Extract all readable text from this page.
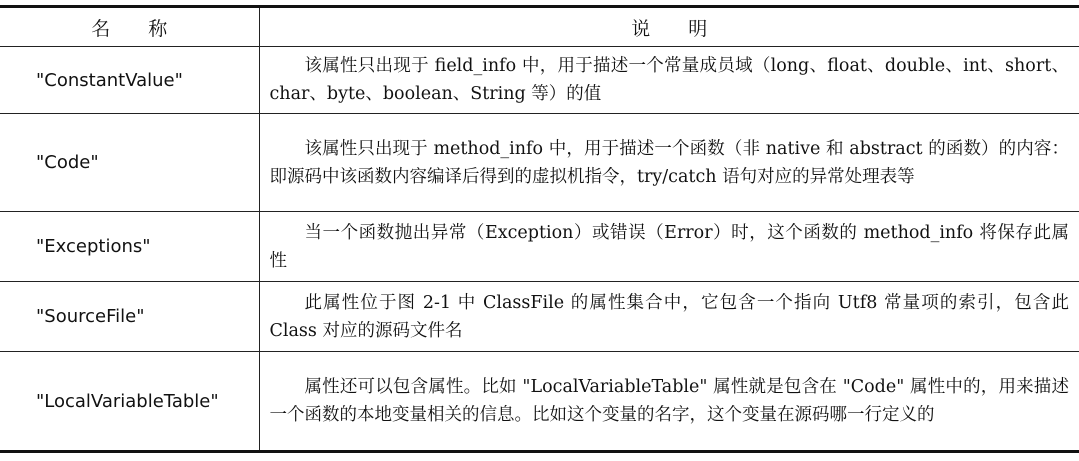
名　　称	说　　明
"ConstantValue"	该属性只出现于 field_info 中，用于描述一个常量成员域（long、float、double、int、short、char、byte、boolean、String 等）的值

"Code"	该属性只出现于 method_info 中，用于描述一个函数（非 native 和 abstract 的函数）的内容：即源码中该函数内容编译后得到的虚拟机指令，try/catch 语句对应的异常处理表等

"Exceptions"	当一个函数抛出异常（Exception）或错误（Error）时，这个函数的 method_info 将保存此属性

"SourceFile"	此属性位于图 2-1 中 ClassFile 的属性集合中，它包含一个指向 Utf8 常量项的索引，包含此 Class 对应的源码文件名

"LocalVariableTable"	属性还可以包含属性。比如 "LocalVariableTable" 属性就是包含在 "Code" 属性中的，用来描述一个函数的本地变量相关的信息。比如这个变量的名字，这个变量在源码哪一行定义的
